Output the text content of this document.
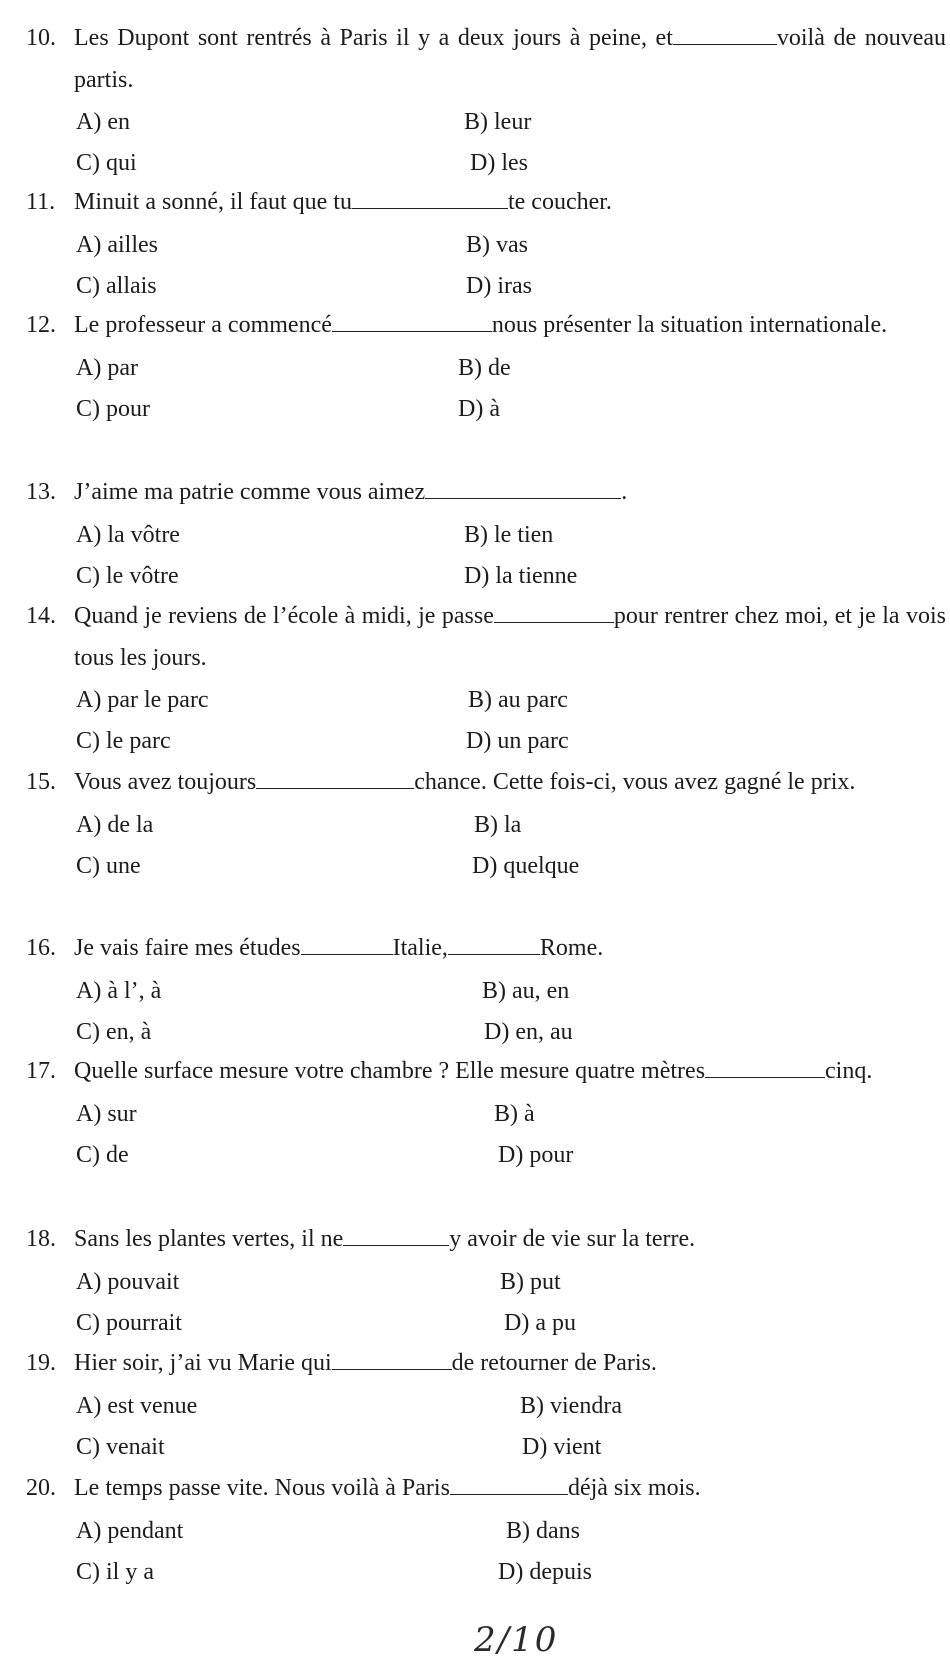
10. Les Dupont sont rentrés à Paris il y a deux jours à peine, et	voilà de nouveau partis.
A) en	B) leur
C) qui	D) les
11. Minuit a sonné, il faut que tu	te coucher.
A) ailles	B) vas
C) allais	D) iras
12. Le professeur a commencé	nous présenter la situation internationale.
A) par	B) de
C) pour	D) à
13. J’aime ma patrie comme vous aimez	.
A) la vôtre	B) le tien
C) le vôtre	D) la tienne
14. Quand je reviens de l’école à midi, je passe	pour rentrer chez moi, et je la vois tous les jours.
A) par le parc	B) au parc
C) le parc	D) un parc
15. Vous avez toujours	chance. Cette fois-ci, vous avez gagné le prix.
A) de la	B) la
C) une	D) quelque
16. Je vais faire mes études	Italie,	Rome.
A) à l’, à	B) au, en
C) en, à	D) en, au
17. Quelle surface mesure votre chambre ? Elle mesure quatre mètres	cinq.
A) sur	B) à
C) de	D) pour
18. Sans les plantes vertes, il ne	y avoir de vie sur la terre.
A) pouvait	B) put
C) pourrait	D) a pu
19. Hier soir, j’ai vu Marie qui	de retourner de Paris.
A) est venue	B) viendra
C) venait	D) vient
20. Le temps passe vite. Nous voilà à Paris	déjà six mois.
A) pendant	B) dans
C) il y a	D) depuis
2/10
